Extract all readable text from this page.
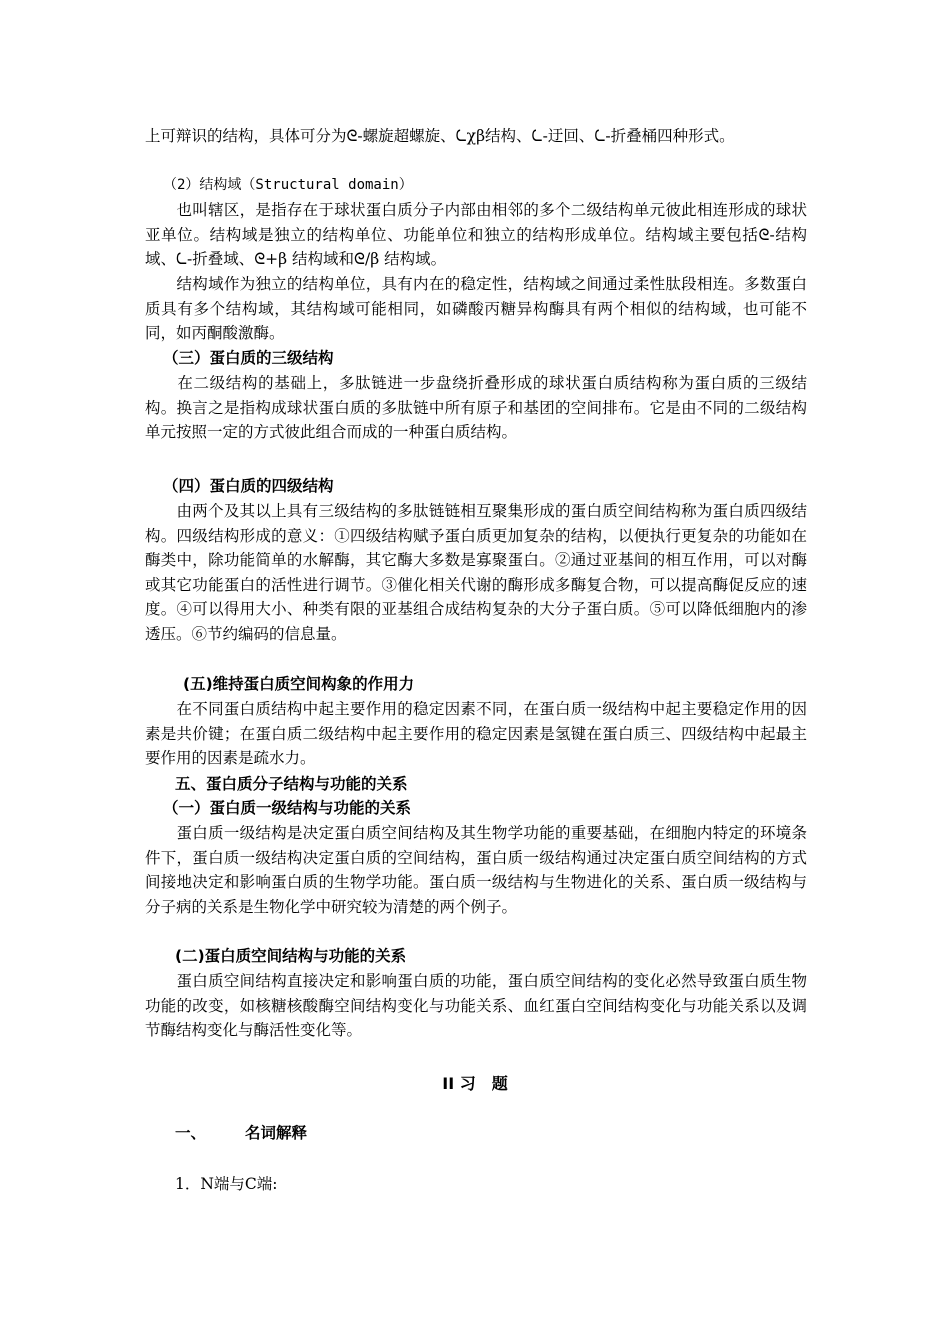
上可辩识的结构，具体可分为ᘓ-螺旋超螺旋、ᘇχβ结构、ᘇ-迂回、ᘇ-折叠桶四种形式。

（2）结构域（Structural domain）

　　也叫辖区，是指存在于球状蛋白质分子内部由相邻的多个二级结构单元彼此相连形成的球状亚单位。结构域是独立的结构单位、功能单位和独立的结构形成单位。结构域主要包括ᘓ-结构域、ᘇ-折叠域、ᘓ+β 结构域和ᘓ/β 结构域。

　　结构域作为独立的结构单位，具有内在的稳定性，结构域之间通过柔性肽段相连。多数蛋白质具有多个结构域，其结构域可能相同，如磷酸丙糖异构酶具有两个相似的结构域，也可能不同，如丙酮酸激酶。

（三）蛋白质的三级结构

　　在二级结构的基础上，多肽链进一步盘绕折叠形成的球状蛋白质结构称为蛋白质的三级结构。换言之是指构成球状蛋白质的多肽链中所有原子和基团的空间排布。它是由不同的二级结构单元按照一定的方式彼此组合而成的一种蛋白质结构。

（四）蛋白质的四级结构

　　由两个及其以上具有三级结构的多肽链链相互聚集形成的蛋白质空间结构称为蛋白质四级结构。四级结构形成的意义：①四级结构赋予蛋白质更加复杂的结构，以便执行更复杂的功能如在酶类中，除功能简单的水解酶，其它酶大多数是寡聚蛋白。②通过亚基间的相互作用，可以对酶或其它功能蛋白的活性进行调节。③催化相关代谢的酶形成多酶复合物，可以提高酶促反应的速度。④可以得用大小、种类有限的亚基组合成结构复杂的大分子蛋白质。⑤可以降低细胞内的渗透压。⑥节约编码的信息量。

(五)维持蛋白质空间构象的作用力

　　在不同蛋白质结构中起主要作用的稳定因素不同，在蛋白质一级结构中起主要稳定作用的因素是共价键；在蛋白质二级结构中起主要作用的稳定因素是氢键在蛋白质三、四级结构中起最主要作用的因素是疏水力。

五、蛋白质分子结构与功能的关系

（一）蛋白质一级结构与功能的关系

　　蛋白质一级结构是决定蛋白质空间结构及其生物学功能的重要基础，在细胞内特定的环境条件下，蛋白质一级结构决定蛋白质的空间结构，蛋白质一级结构通过决定蛋白质空间结构的方式间接地决定和影响蛋白质的生物学功能。蛋白质一级结构与生物进化的关系、蛋白质一级结构与分子病的关系是生物化学中研究较为清楚的两个例子。

(二)蛋白质空间结构与功能的关系

　　蛋白质空间结构直接决定和影响蛋白质的功能，蛋白质空间结构的变化必然导致蛋白质生物功能的改变，如核糖核酸酶空间结构变化与功能关系、血红蛋白空间结构变化与功能关系以及调节酶结构变化与酶活性变化等。

II 习　题
一、	名词解释
1．N端与C端:
